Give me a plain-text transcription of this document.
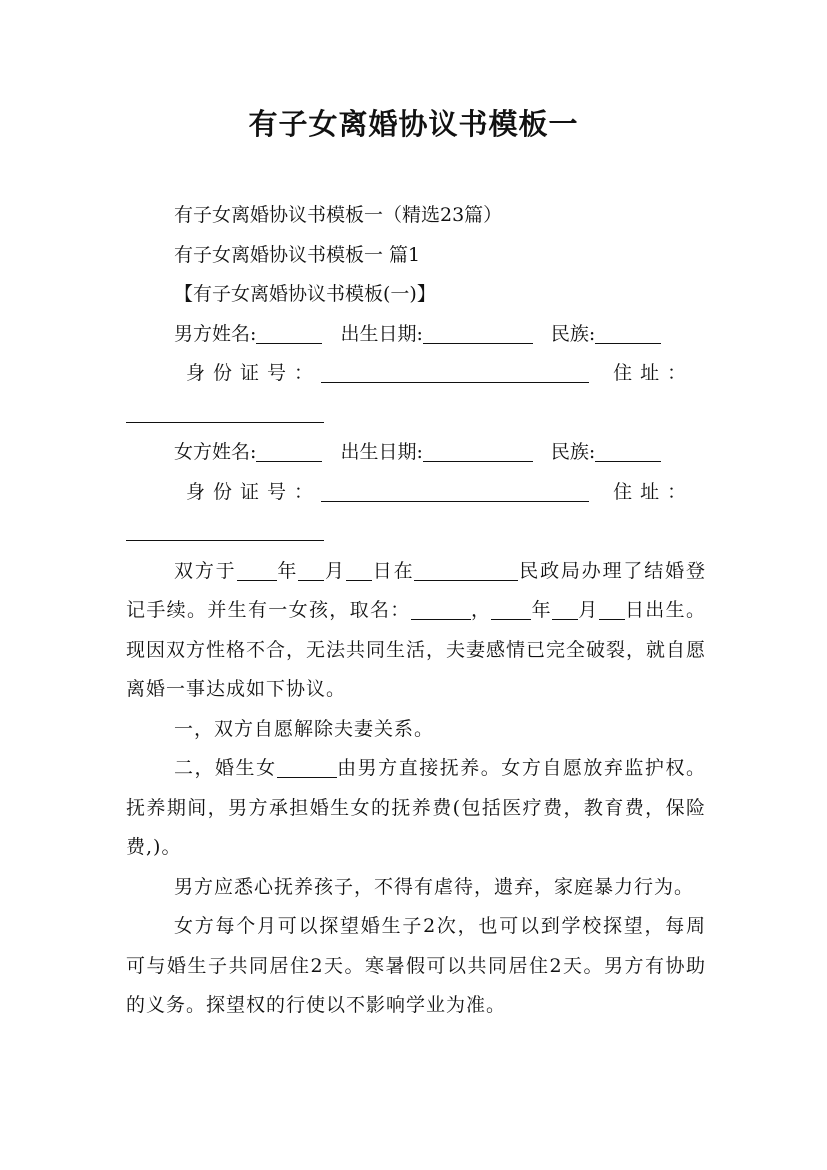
有子女离婚协议书模板一
有子女离婚协议书模板一（精选23篇）
有子女离婚协议书模板一 篇1
【有子女离婚协议书模板(一)】
男方姓名:	出生日期:	民族:
身份证号：	住址：
女方姓名:	出生日期:	民族:
身份证号：	住址：

双方于 年 月 日在	民政局办理了结婚登记手续。并生有一女孩，取名：	， 年 月 日出生。现因双方性格不合，无法共同生活，夫妻感情已完全破裂，就自愿离婚一事达成如下协议。

一，双方自愿解除夫妻关系。

二，婚生女	由男方直接抚养。女方自愿放弃监护权。抚养期间，男方承担婚生女的抚养费(包括医疗费，教育费，保险费,)。

男方应悉心抚养孩子，不得有虐待，遗弃，家庭暴力行为。

女方每个月可以探望婚生子2次，也可以到学校探望，每周可与婚生子共同居住2天。寒暑假可以共同居住2天。男方有协助的义务。探望权的行使以不影响学业为准。
